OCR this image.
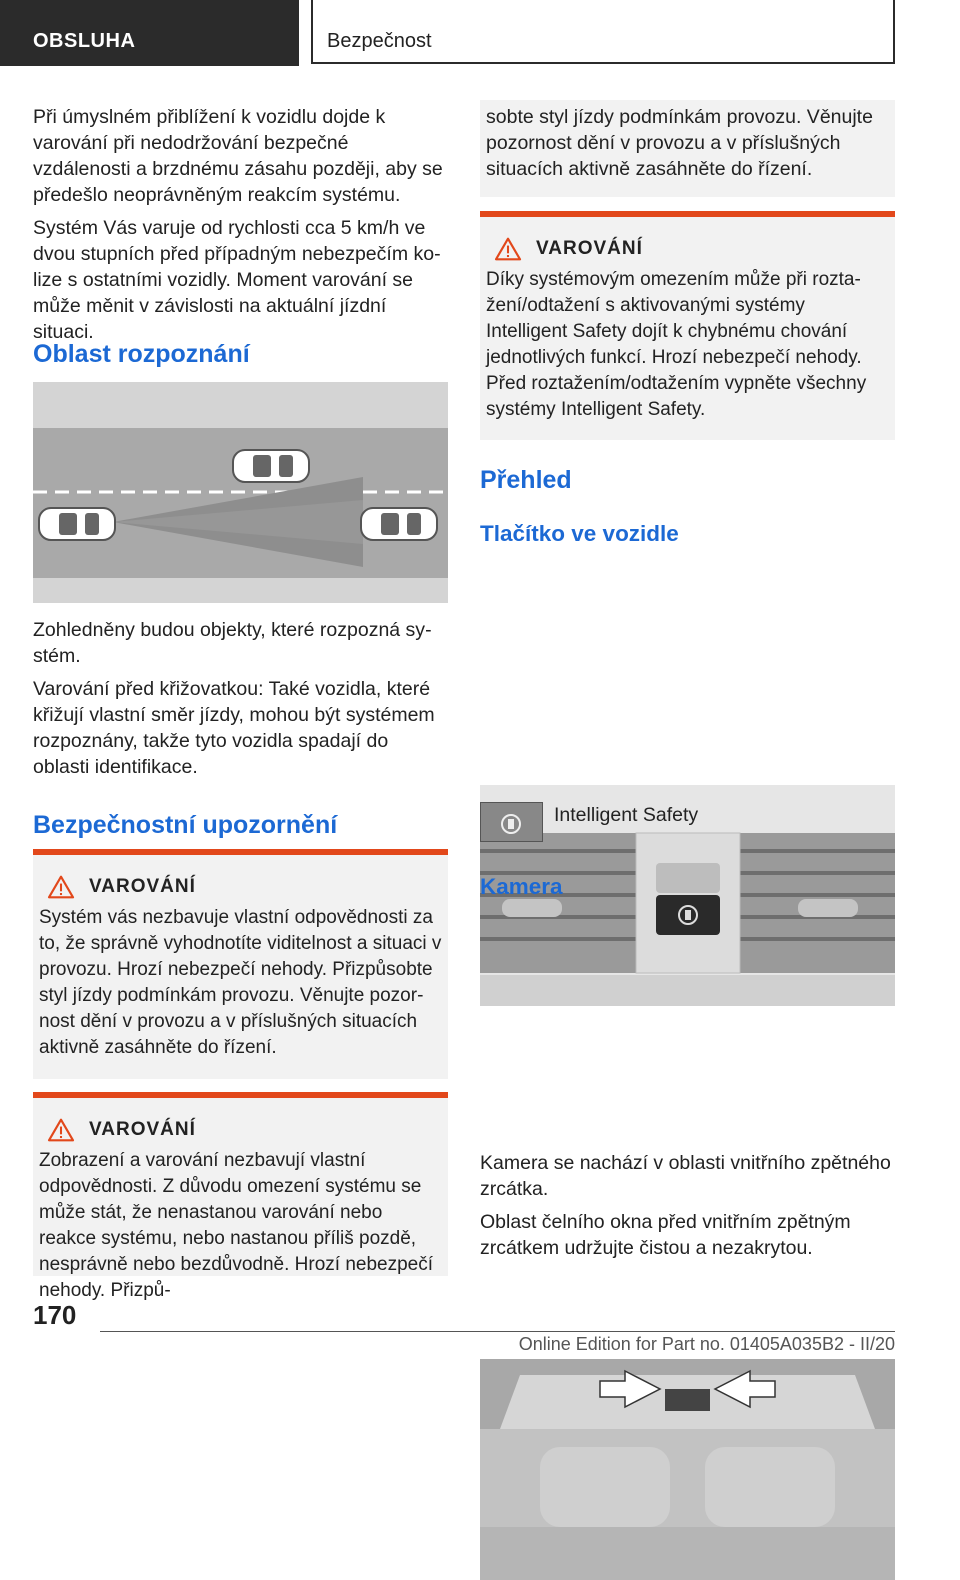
OBSLUHA	Bezpečnost

Při úmyslném přiblížení k vozidlu dojde k varování při nedodržování bezpečné vzdálenosti a brzdnému zásahu později, aby se předešlo neoprávněným reakcím systému.

Systém Vás varuje od rychlosti cca 5 km/h ve dvou stupních před případným nebezpečím kolize s ostatními vozidly. Moment varování se může měnit v závislosti na aktuální jízdní situaci.

Oblast rozpoznání

Zohledněny budou objekty, které rozpozná systém.

Varování před křižovatkou: Také vozidla, které křižují vlastní směr jízdy, mohou být systémem rozpoznány, takže tyto vozidla spadají do oblasti identifikace.

Bezpečnostní upozornění
VAROVÁNÍ

Systém vás nezbavuje vlastní odpovědnosti za to, že správně vyhodnotíte viditelnost a situaci v provozu. Hrozí nebezpečí nehody. Přizpůsobte styl jízdy podmínkám provozu. Věnujte pozornost dění v provozu a v příslušných situacích aktivně zasáhněte do řízení.

VAROVÁNÍ

Zobrazení a varování nezbavují vlastní odpovědnosti. Z důvodu omezení systému se může stát, že nenastanou varování nebo reakce systému, nebo nastanou příliš pozdě, nesprávně nebo bezdůvodně. Hrozí nebezpečí nehody. Přizpů-

sobte styl jízdy podmínkám provozu. Věnujte pozornost dění v provozu a v příslušných situacích aktivně zasáhněte do řízení.

VAROVÁNÍ

Díky systémovým omezením může při roztažení/odtažení s aktivovanými systémy Intelligent Safety dojít k chybnému chování jednotlivých funkcí. Hrozí nebezpečí nehody. Před roztažením/odtažením vypněte všechny systémy Intelligent Safety.

Přehled
Tlačítko ve vozidle

Intelligent Safety

Kamera

Kamera se nachází v oblasti vnitřního zpětného zrcátka.

Oblast čelního okna před vnitřním zpětným zrcátkem udržujte čistou a nezakrytou.

170
Online Edition for Part no. 01405A035B2 - II/20
